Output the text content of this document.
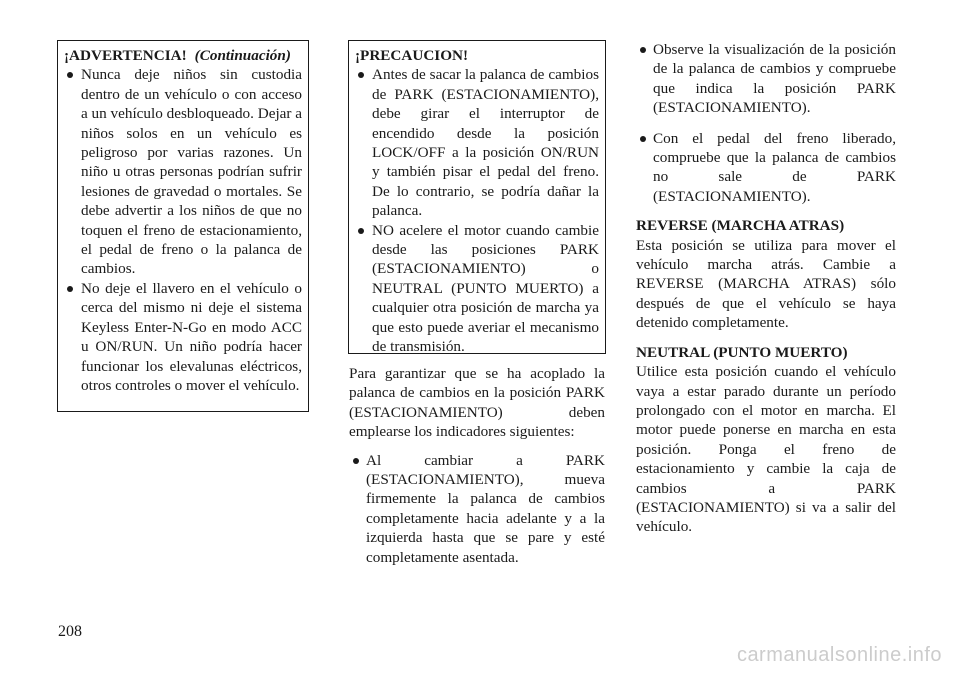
¡ADVERTENCIA! (Continuación)
Nunca deje niños sin custodia dentro de un vehículo o con acceso a un vehículo desbloqueado. Dejar a niños solos en un vehículo es peligroso por varias razones. Un niño u otras personas podrían sufrir lesiones de gravedad o mortales. Se debe advertir a los niños de que no toquen el freno de estacionamiento, el pedal de freno o la palanca de cambios.
No deje el llavero en el vehículo o cerca del mismo ni deje el sistema Keyless Enter-N-Go en modo ACC u ON/RUN. Un niño podría hacer funcionar los elevalunas eléctricos, otros controles o mover el vehículo.
¡PRECAUCION!
Antes de sacar la palanca de cambios de PARK (ESTACIONAMIENTO), debe girar el interruptor de encendido desde la posición LOCK/OFF a la posición ON/RUN y también pisar el pedal del freno. De lo contrario, se podría dañar la palanca.
NO acelere el motor cuando cambie desde las posiciones PARK (ESTACIONAMIENTO) o NEUTRAL (PUNTO MUERTO) a cualquier otra posición de marcha ya que esto puede averiar el mecanismo de transmisión.

Para garantizar que se ha acoplado la palanca de cambios en la posición PARK (ESTACIONAMIENTO) deben emplearse los indicadores siguientes:

Al cambiar a PARK (ESTACIONAMIENTO), mueva firmemente la palanca de cambios completamente hacia adelante y a la izquierda hasta que se pare y esté completamente asentada.
Observe la visualización de la posición de la palanca de cambios y compruebe que indica la posición PARK (ESTACIONAMIENTO).
Con el pedal del freno liberado, compruebe que la palanca de cambios no sale de PARK (ESTACIONAMIENTO).
REVERSE (MARCHA ATRAS)

Esta posición se utiliza para mover el vehículo marcha atrás. Cambie a REVERSE (MARCHA ATRAS) sólo después de que el vehículo se haya detenido completamente.

NEUTRAL (PUNTO MUERTO)

Utilice esta posición cuando el vehículo vaya a estar parado durante un período prolongado con el motor en marcha. El motor puede ponerse en marcha en esta posición. Ponga el freno de estacionamiento y cambie la caja de cambios a PARK (ESTACIONAMIENTO) si va a salir del vehículo.

208
carmanualsonline.info
